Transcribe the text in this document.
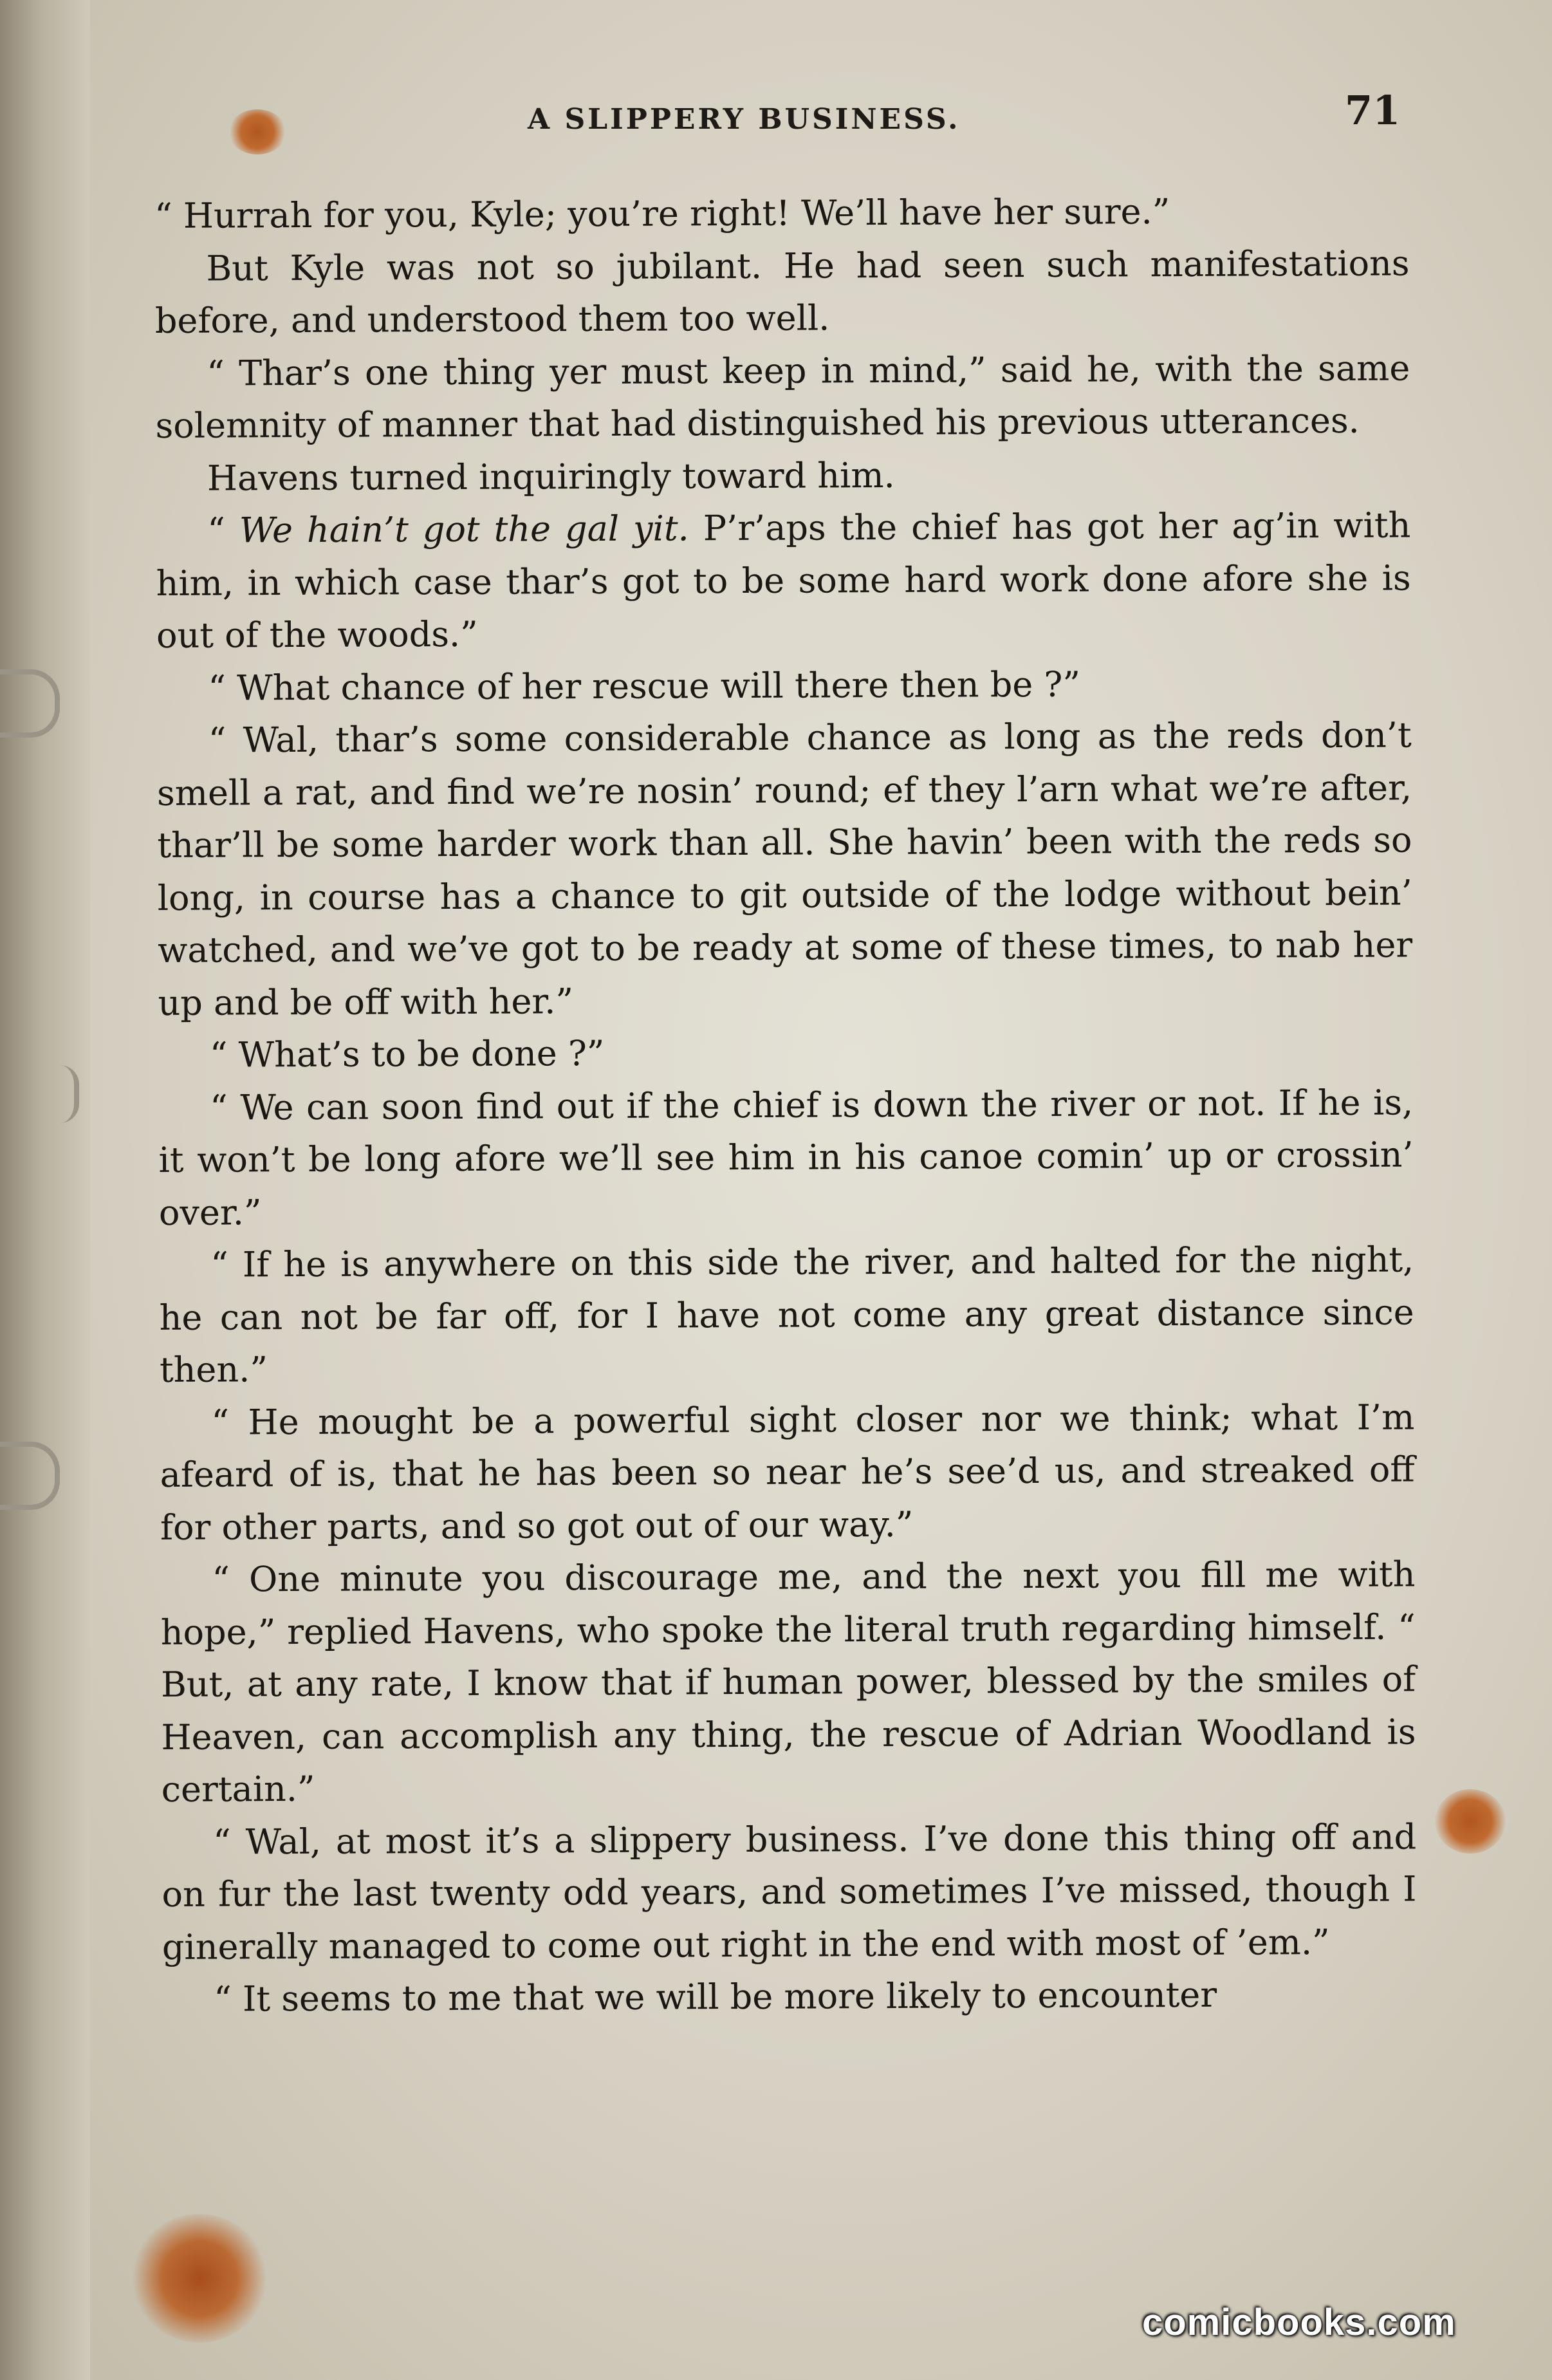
A SLIPPERY BUSINESS.	71

“ Hurrah for you, Kyle; you’re right! We’ll have her sure.”

But Kyle was not so jubilant. He had seen such manifestations before, and understood them too well.

“ Thar’s one thing yer must keep in mind,” said he, with the same solemnity of manner that had distinguished his previous utterances.

Havens turned inquiringly toward him.

“ We hain’t got the gal yit. P’r’aps the chief has got her ag’in with him, in which case thar’s got to be some hard work done afore she is out of the woods.”

“ What chance of her rescue will there then be ?”

“ Wal, thar’s some considerable chance as long as the reds don’t smell a rat, and find we’re nosin’ round; ef they l’arn what we’re after, thar’ll be some harder work than all. She havin’ been with the reds so long, in course has a chance to git outside of the lodge without bein’ watched, and we’ve got to be ready at some of these times, to nab her up and be off with her.”

“ What’s to be done ?”

“ We can soon find out if the chief is down the river or not. If he is, it won’t be long afore we’ll see him in his canoe comin’ up or crossin’ over.”

“ If he is anywhere on this side the river, and halted for the night, he can not be far off, for I have not come any great distance since then.”

“ He mought be a powerful sight closer nor we think; what I’m afeard of is, that he has been so near he’s see’d us, and streaked off for other parts, and so got out of our way.”

“ One minute you discourage me, and the next you fill me with hope,” replied Havens, who spoke the literal truth regarding himself. “ But, at any rate, I know that if human power, blessed by the smiles of Heaven, can accomplish any thing, the rescue of Adrian Woodland is certain.”

“ Wal, at most it’s a slippery business. I’ve done this thing off and on fur the last twenty odd years, and sometimes I’ve missed, though I ginerally managed to come out right in the end with most of ’em.”

“ It seems to me that we will be more likely to encounter

comicbooks.com
